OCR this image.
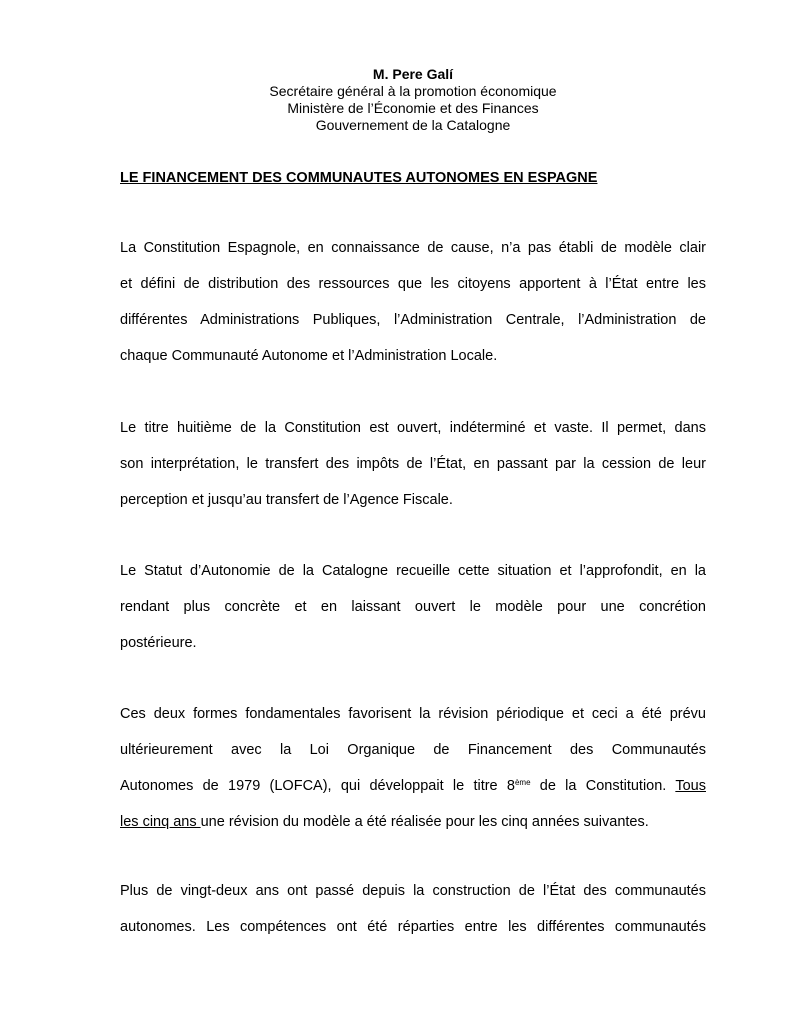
M. Pere Galí
Secrétaire général à la promotion économique
Ministère de l’Économie et des Finances
Gouvernement de la Catalogne
LE FINANCEMENT DES COMMUNAUTES AUTONOMES EN ESPAGNE
La Constitution Espagnole, en connaissance de cause, n’a pas établi de modèle clair
et défini de distribution des ressources que les citoyens apportent à l’État entre les
différentes Administrations Publiques, l’Administration Centrale, l’Administration de
chaque Communauté Autonome et l’Administration Locale.
Le titre huitième de la Constitution est ouvert, indéterminé et vaste. Il permet, dans
son interprétation, le transfert des impôts de l’État, en passant par la cession de leur
perception et jusqu’au transfert de l’Agence Fiscale.
Le Statut d’Autonomie de la Catalogne recueille cette situation et l’approfondit, en la
rendant plus concrète et en laissant ouvert le modèle pour une concrétion
postérieure.
Ces deux formes fondamentales favorisent la révision périodique et ceci a été prévu
ultérieurement avec la Loi Organique de Financement des Communautés
Autonomes de 1979 (LOFCA), qui développait le titre 8ème de la Constitution. Tous
les cinq ans une révision du modèle a été réalisée pour les cinq années suivantes.
Plus de vingt-deux ans ont passé depuis la construction de l’État des communautés
autonomes. Les compétences ont été réparties entre les différentes communautés
